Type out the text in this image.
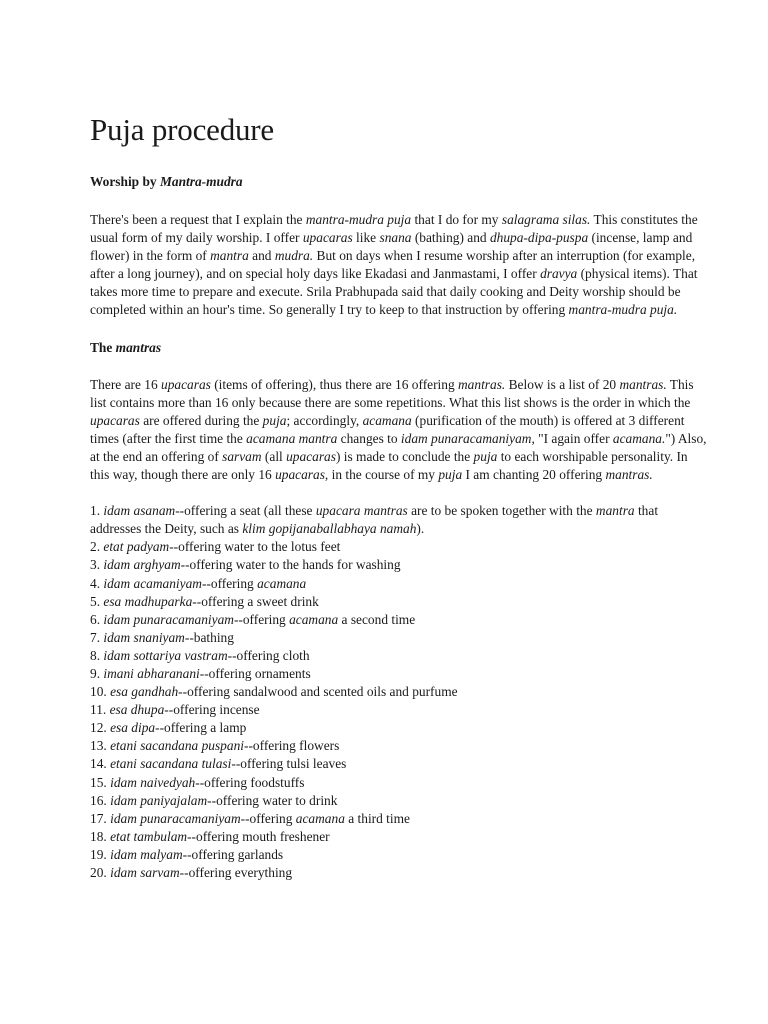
Puja procedure

Worship by Mantra-mudra

There's been a request that I explain the mantra-mudra puja that I do for my salagrama silas. This constitutes the usual form of my daily worship. I offer upacaras like snana (bathing) and dhupa-dipa-puspa (incense, lamp and flower) in the form of mantra and mudra. But on days when I resume worship after an interruption (for example, after a long journey), and on special holy days like Ekadasi and Janmastami, I offer dravya (physical items). That takes more time to prepare and execute. Srila Prabhupada said that daily cooking and Deity worship should be completed within an hour's time. So generally I try to keep to that instruction by offering mantra-mudra puja.

The mantras

There are 16 upacaras (items of offering), thus there are 16 offering mantras. Below is a list of 20 mantras. This list contains more than 16 only because there are some repetitions. What this list shows is the order in which the upacaras are offered during the puja; accordingly, acamana (purification of the mouth) is offered at 3 different times (after the first time the acamana mantra changes to idam punaracamaniyam, "I again offer acamana.") Also, at the end an offering of sarvam (all upacaras) is made to conclude the puja to each worshipable personality. In this way, though there are only 16 upacaras, in the course of my puja I am chanting 20 offering mantras.

1. idam asanam--offering a seat (all these upacara mantras are to be spoken together with the mantra that addresses the Deity, such as klim gopijanaballabhaya namah).
2. etat padyam--offering water to the lotus feet
3. idam arghyam--offering water to the hands for washing
4. idam acamaniyam--offering acamana
5. esa madhuparka--offering a sweet drink
6. idam punaracamaniyam--offering acamana a second time
7. idam snaniyam--bathing
8. idam sottariya vastram--offering cloth
9. imani abharanani--offering ornaments
10. esa gandhah--offering sandalwood and scented oils and purfume
11. esa dhupa--offering incense
12. esa dipa--offering a lamp
13. etani sacandana puspani--offering flowers
14. etani sacandana tulasi--offering tulsi leaves
15. idam naivedyah--offering foodstuffs
16. idam paniyajalam--offering water to drink
17. idam punaracamaniyam--offering acamana a third time
18. etat tambulam--offering mouth freshener
19. idam malyam--offering garlands
20. idam sarvam--offering everything
